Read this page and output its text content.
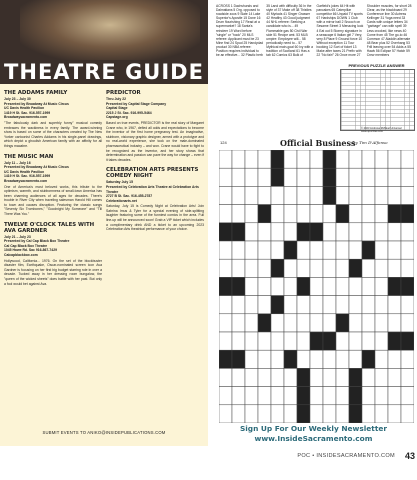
THEATRE GUIDE
THE ADDAMS FAMILY
July 23 – July 30
Presented by Broadway At Music Circus
UC Davis Health Pavilion
1419 H St. Sac. 916-557-1999
Broadwaysacramento.com

"The fabulously dark and superbly funny" musical comedy embraces the wackiness in every family. The award-winning show is based on some of the characters created by The New Yorker cartoonist Charles Addams in his single-panel drawings, which depict a ghoulish American family with an affinity for all things macabre.

THE MUSIC MAN
July 11 – July 16
Presented by Broadway At Music Circus
UC Davis Health Pavilion
1419 H St. Sac. 916-557-1999
Broadwaysacramento.com

One of America's most beloved works, this tribute to the optimism, warmth, and stubbornness of small-town America has been charming audiences of all ages for decades. There's trouble in River City when traveling salesman Harold Hill comes to town and causes disruption. Featuring the classic songs "Seventy Six Trombones," "Goodnight My Someone" and "Till There Was You."

TWELVE O'CLOCK TALES WITH AVA GARDNER
July 21 – July 23
Presented by Cal Cap Black Box Theatre
Cal Cap Black Box Theatre
1045 Howe Rd. Sac 916-867-7429
Calcapblackbox.com

Hollywood, California... 1976. On the set of the blockbuster disaster film, Earthquake, Oscar-nominated screen icon Ava Gardner is focusing on her first big budget starring role in over a decade. Tucked away in her dressing room bungalow, the "queen of the wicked sheets" does battle with her past. But only a fool would bet against Ava.

PREDICTOR
Thru July 22
Presented by Capital Stage Company
Capital Stage
2215 J St. Sac. 916-995-5464
Capstage.org

Based on true events, PREDICTOR is the real story of Margaret Crane who, in 1967, defied all odds and expectations to become the inventor of the first home pregnancy test. An imaginative, stubborn, visionary graphic designer, armed with a prototype and no real-world experience, she took on the male-dominated pharmaceutical industry – and won. Crane would have to fight to be recognized as the inventor, and her story shows that determination and passion can pave the way for change – even if it takes decades.

CELEBRATION ARTS PRESENTS COMEDY NIGHT
Saturday July 15
Presented by Celebration Arts Theatre at Celebration Arts Theatre
2727 B St. Sac. 916-455-2787
Celebrationarts.net

Saturday, July 15 is Comedy Night at Celebration Arts! Join Sabrina Imus & Tyler for a special evening of side-splitting laughter featuring some of the funniest comics in the area. Full line-up will be announced soon! Grab a VIP ticket which includes a complimentary drink AND a ticket to an upcoming 2023 Celebration Arts theatrical performance of your choice.

SUBMIT EVENTS TO ANIKO@INSIDEPUBLICATIONS.COM
ACROSS 1 Dachshunds and Dalmatians 5 Org. opposed to roadside zoos 9 Slate 14 Lake Superior's Apostle 15 Done 16 Drum flourishing 17 Read at a supermarket? 18 Santa's reindeer 19 Word before "single" or "hook" 20 MLS referee: Applicant must be 23 Mine find 24 Spud 25 Handydad product 30 NBA referee: Position requires individual to be an effective... 32 Plastic herb 35 Land with difficulty 36 In the style of 37 Make off 38 Thistles 40 Myriads 41 Singer Grasser 42 Healthy 43 Good judgment 44 NHL referee: Seeking a candidate who is... 49 Flammable gas 50 Civil War side 51 Recipe amt. 53 MLB umpire: Employee will... 58 periodically need to... 57 Mythical main-goal 60 Ivy with a tradition of Scotland 61 Has a tab 62 Comics 63 Bulk of Garfield's jokes 64 Hit with pancakes 65 Caterpillar competitor 66 Unpaid TV sports 67 Hardships DOWN 1 Club with a mirror ball 2 Snooch on Sesame Street 3 Menacing look 4 Eat out 5 Stormy signature in a seascape 6 Italian girl 7 Very, very 8 Place 9 Ground force 10 Without exception 11 Tour booking 12 Sort of ticket 13 Make after taxes 21 Prefix with 22 "No fair!" 26 Once more 27 Shoulder muscles, for short 28 Clear, as the blackboard 29 Conference line 30 Actress Kellinger 31 Yoga need 33 Cards with unique letters 34 "garbage" can with spell 39 Less crooked, like news 40 Come from 45 Tire go-to 46 Common 47 Aladdin alternate 48 Bear plus 52 Overhang 53 Frill leaving over 54 Adds a 55 Hawk 56 Eclipse 57 Hatch 59 Crew members
PREVIOUS PUZZLE ANSWER
© 2023 Andrews McMeel Universal www.upuzzles.com
124	Official Business
by Tim D'Alfonso
Sign Up For Our Weekly Newsletter
www.InsideSacramento.com
POC • INSIDESACRAMENTO.COM 43
